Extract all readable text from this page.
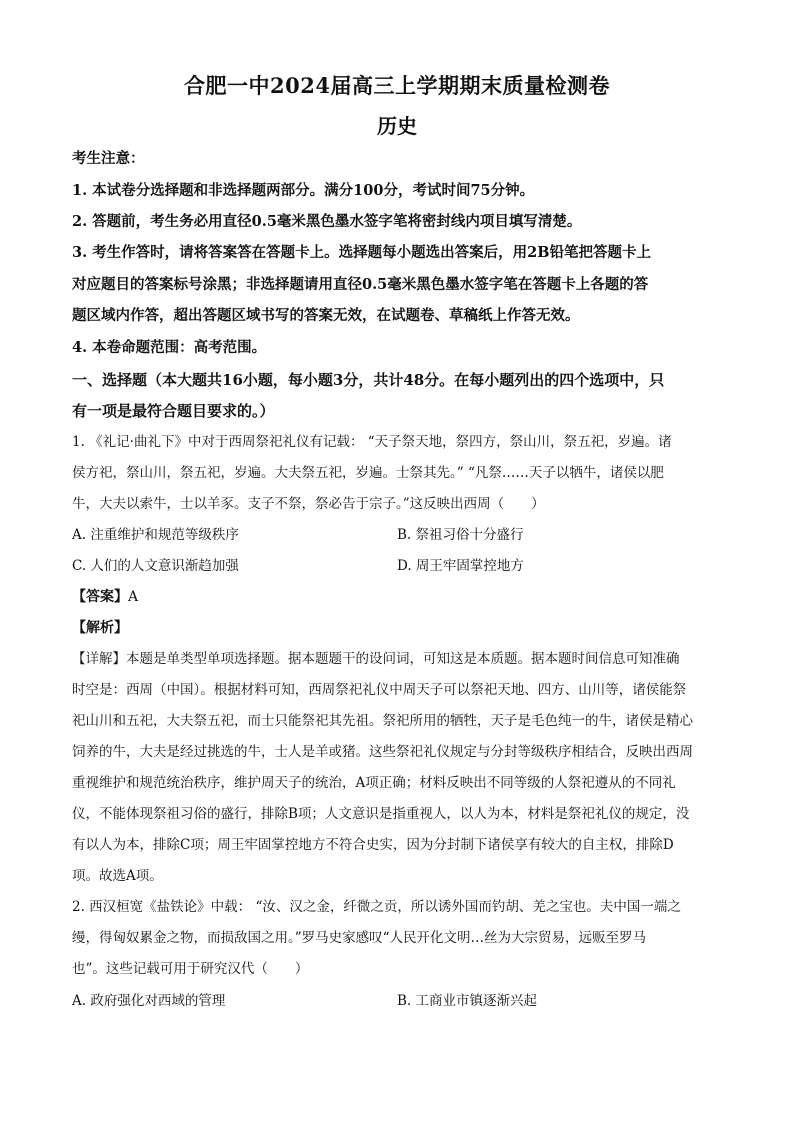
合肥一中2024届高三上学期期末质量检测卷
历史
考生注意：
1. 本试卷分选择题和非选择题两部分。满分100分，考试时间75分钟。
2. 答题前，考生务必用直径0.5毫米黑色墨水签字笔将密封线内项目填写清楚。
3. 考生作答时，请将答案答在答题卡上。选择题每小题选出答案后，用2B铅笔把答题卡上
对应题目的答案标号涂黑；非选择题请用直径0.5毫米黑色墨水签字笔在答题卡上各题的答
题区域内作答，超出答题区域书写的答案无效，在试题卷、草稿纸上作答无效。
4. 本卷命题范围：高考范围。
一、选择题（本大题共16小题，每小题3分，共计48分。在每小题列出的四个选项中，只
有一项是最符合题目要求的。）
1. 《礼记·曲礼下》中对于西周祭祀礼仪有记载： “天子祭天地，祭四方，祭山川，祭五祀，岁遍。诸
侯方祀，祭山川，祭五祀，岁遍。大夫祭五祀，岁遍。士祭其先。” “凡祭……天子以牺牛，诸侯以肥
牛，大夫以索牛，士以羊豕。支子不祭，祭必告于宗子。”这反映出西周（　　）
A. 注重维护和规范等级秩序	B. 祭祖习俗十分盛行
C. 人们的人文意识渐趋加强	D. 周王牢固掌控地方
【答案】A
【解析】
【详解】本题是单类型单项选择题。据本题题干的设问词，可知这是本质题。据本题时间信息可知准确
时空是：西周（中国）。根据材料可知，西周祭祀礼仪中周天子可以祭祀天地、四方、山川等，诸侯能祭
祀山川和五祀，大夫祭五祀，而士只能祭祀其先祖。祭祀所用的牺牲，天子是毛色纯一的牛，诸侯是精心
饲养的牛，大夫是经过挑选的牛，士人是羊或猪。这些祭祀礼仪规定与分封等级秩序相结合，反映出西周
重视维护和规范统治秩序，维护周天子的统治，A项正确；材料反映出不同等级的人祭祀遵从的不同礼
仪，不能体现祭祖习俗的盛行，排除B项；人文意识是指重视人，以人为本，材料是祭祀礼仪的规定，没
有以人为本，排除C项；周王牢固掌控地方不符合史实，因为分封制下诸侯享有较大的自主权，排除D
项。故选A项。
2. 西汉桓宽《盐铁论》中载： “汝、汉之金，纤微之贡，所以诱外国而钓胡、羌之宝也。夫中国一端之
缦，得匈奴累金之物，而损敌国之用。”罗马史家感叹“人民开化文明…丝为大宗贸易，远贩至罗马
也”。这些记载可用于研究汉代（　　）
A. 政府强化对西域的管理	B. 工商业市镇逐渐兴起
